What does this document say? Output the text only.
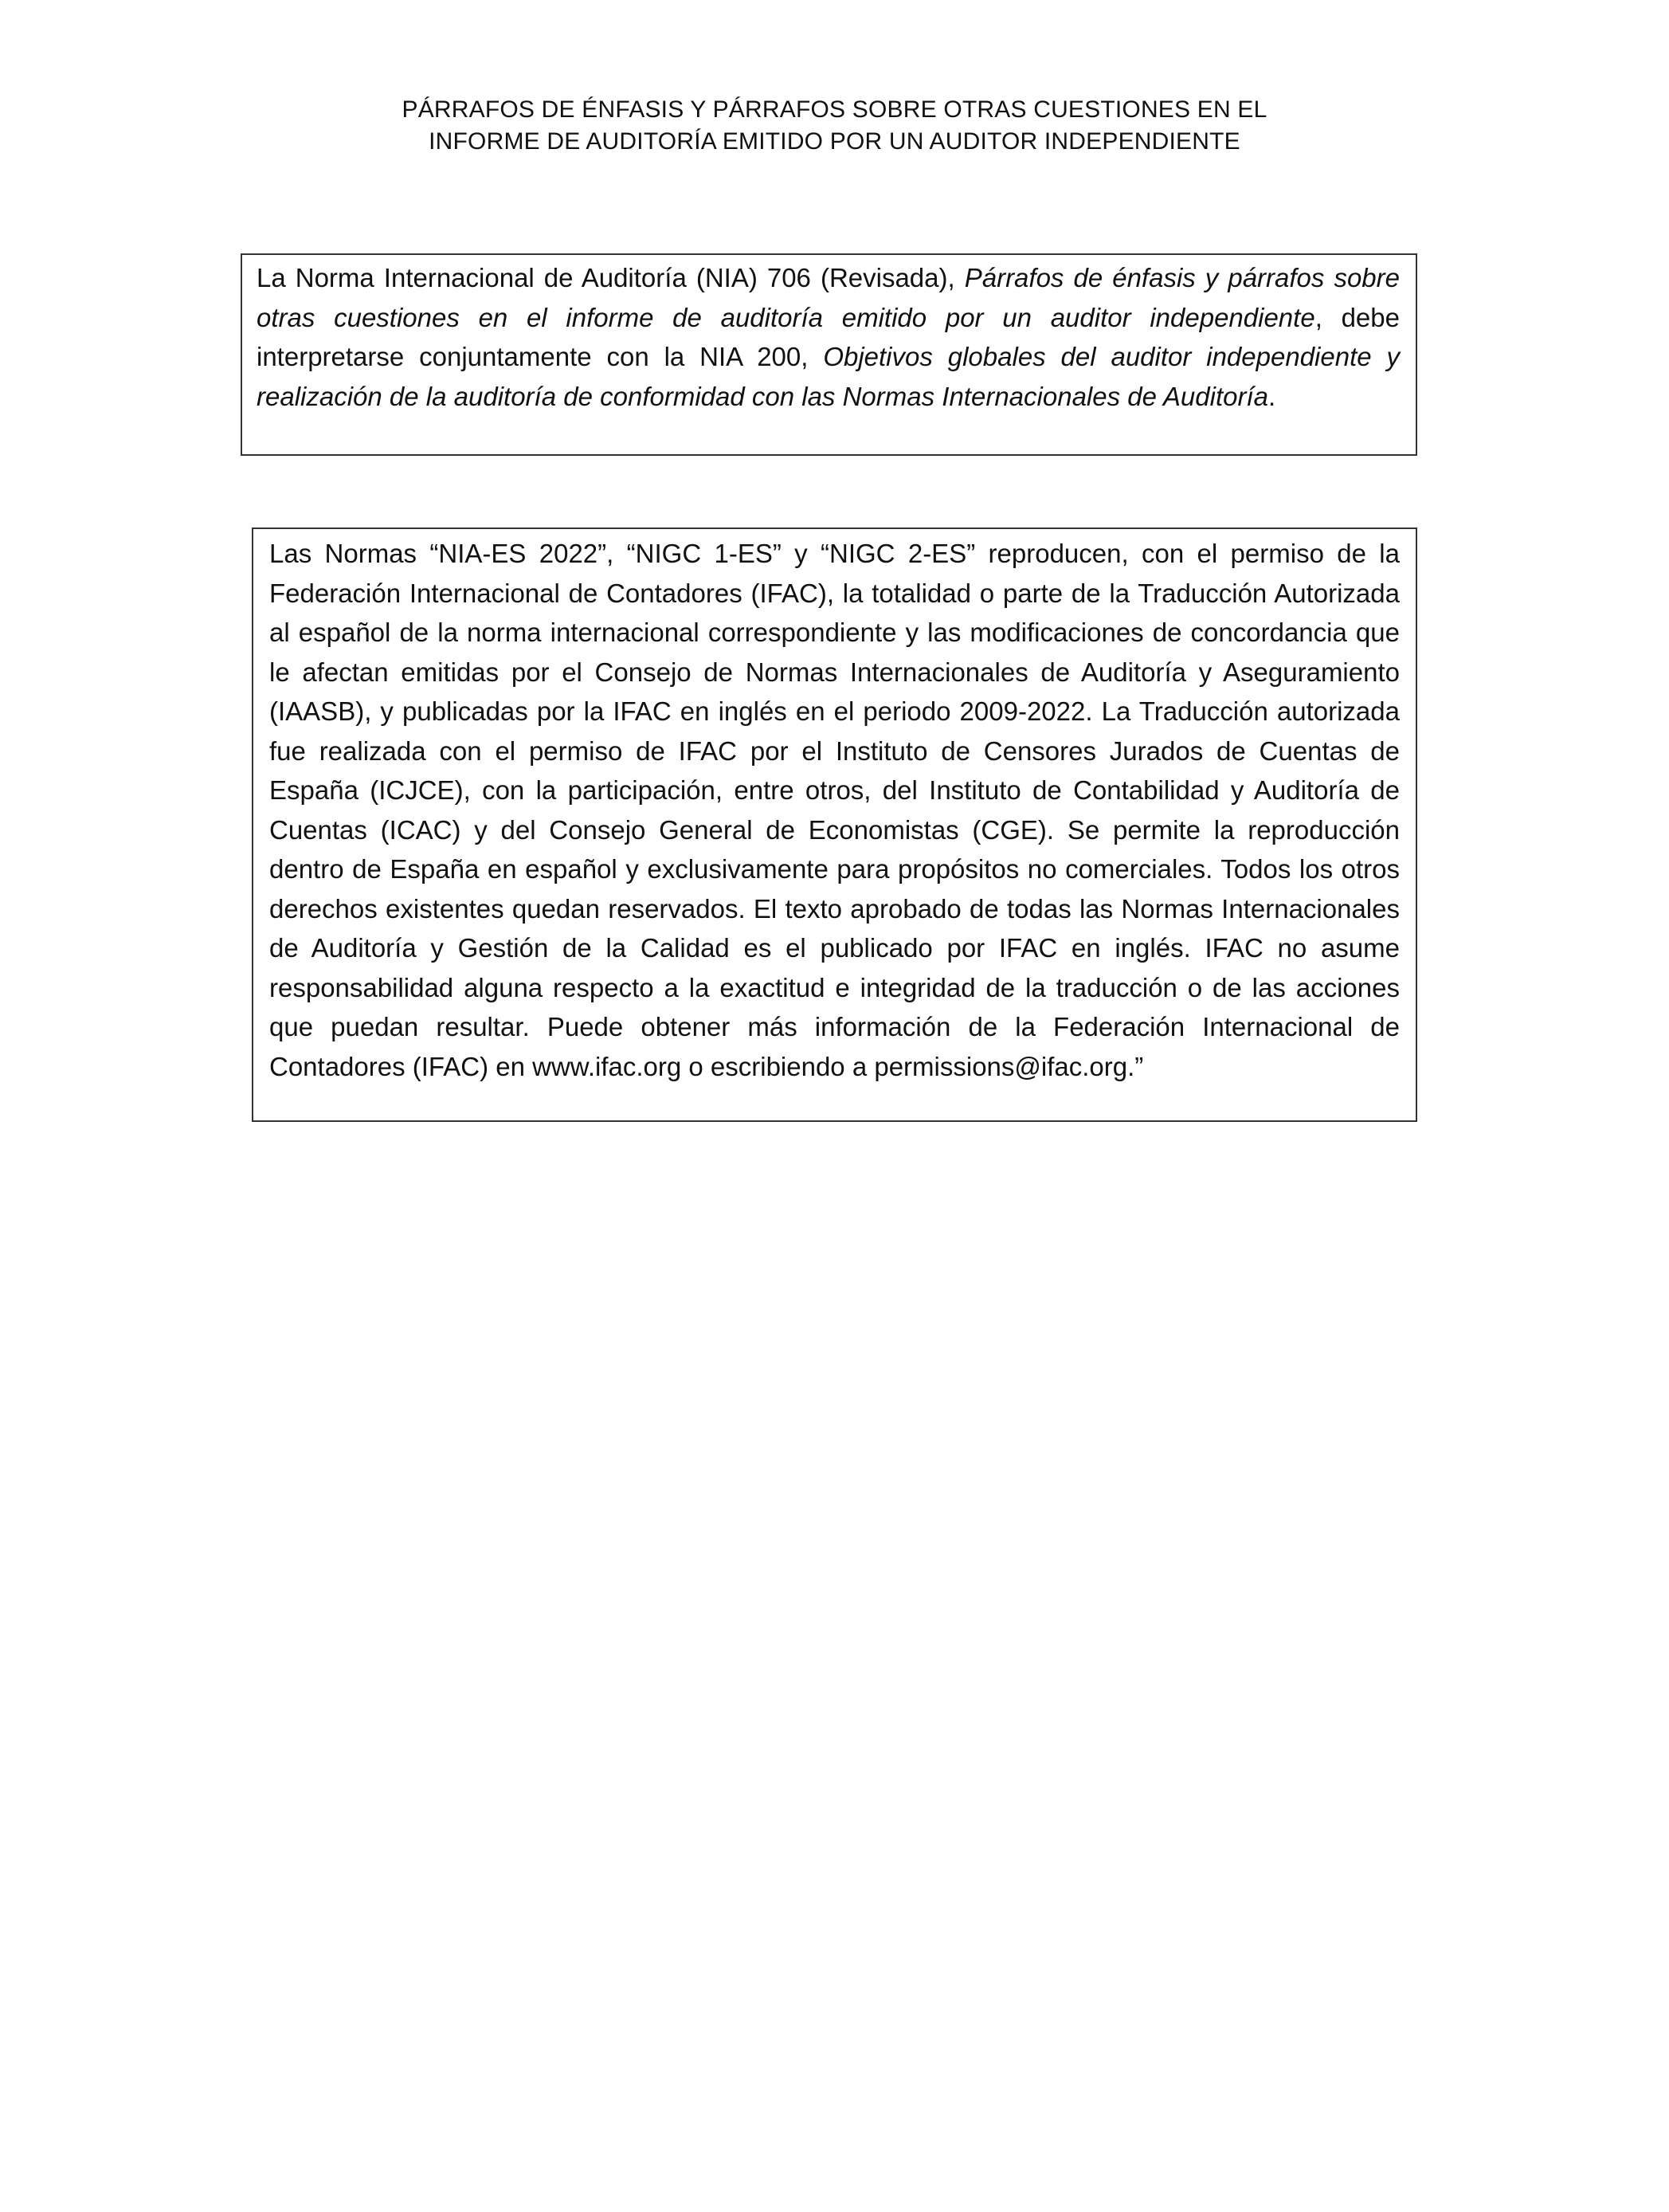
PÁRRAFOS DE ÉNFASIS Y PÁRRAFOS SOBRE OTRAS CUESTIONES EN EL
INFORME DE AUDITORÍA EMITIDO POR UN AUDITOR INDEPENDIENTE

La Norma Internacional de Auditoría (NIA) 706 (Revisada), Párrafos de énfasis y párrafos sobre otras cuestiones en el informe de auditoría emitido por un auditor independiente, debe interpretarse conjuntamente con la NIA 200, Objetivos globales del auditor independiente y realización de la auditoría de conformidad con las Normas Internacionales de Auditoría.

Las Normas “NIA-ES 2022”, “NIGC 1-ES” y “NIGC 2-ES” reproducen, con el permiso de la Federación Internacional de Contadores (IFAC), la totalidad o parte de la Traducción Autorizada al español de la norma internacional correspondiente y las modificaciones de concordancia que le afectan emitidas por el Consejo de Normas Internacionales de Auditoría y Aseguramiento (IAASB), y publicadas por la IFAC en inglés en el periodo 2009-2022. La Traducción autorizada fue realizada con el permiso de IFAC por el Instituto de Censores Jurados de Cuentas de España (ICJCE), con la participación, entre otros, del Instituto de Contabilidad y Auditoría de Cuentas (ICAC) y del Consejo General de Economistas (CGE). Se permite la reproducción dentro de España en español y exclusivamente para propósitos no comerciales. Todos los otros derechos existentes quedan reservados. El texto aprobado de todas las Normas Internacionales de Auditoría y Gestión de la Calidad es el publicado por IFAC en inglés. IFAC no asume responsabilidad alguna respecto a la exactitud e integridad de la traducción o de las acciones que puedan resultar. Puede obtener más información de la Federación Internacional de Contadores (IFAC) en www.ifac.org o escribiendo a permissions@ifac.org.”
